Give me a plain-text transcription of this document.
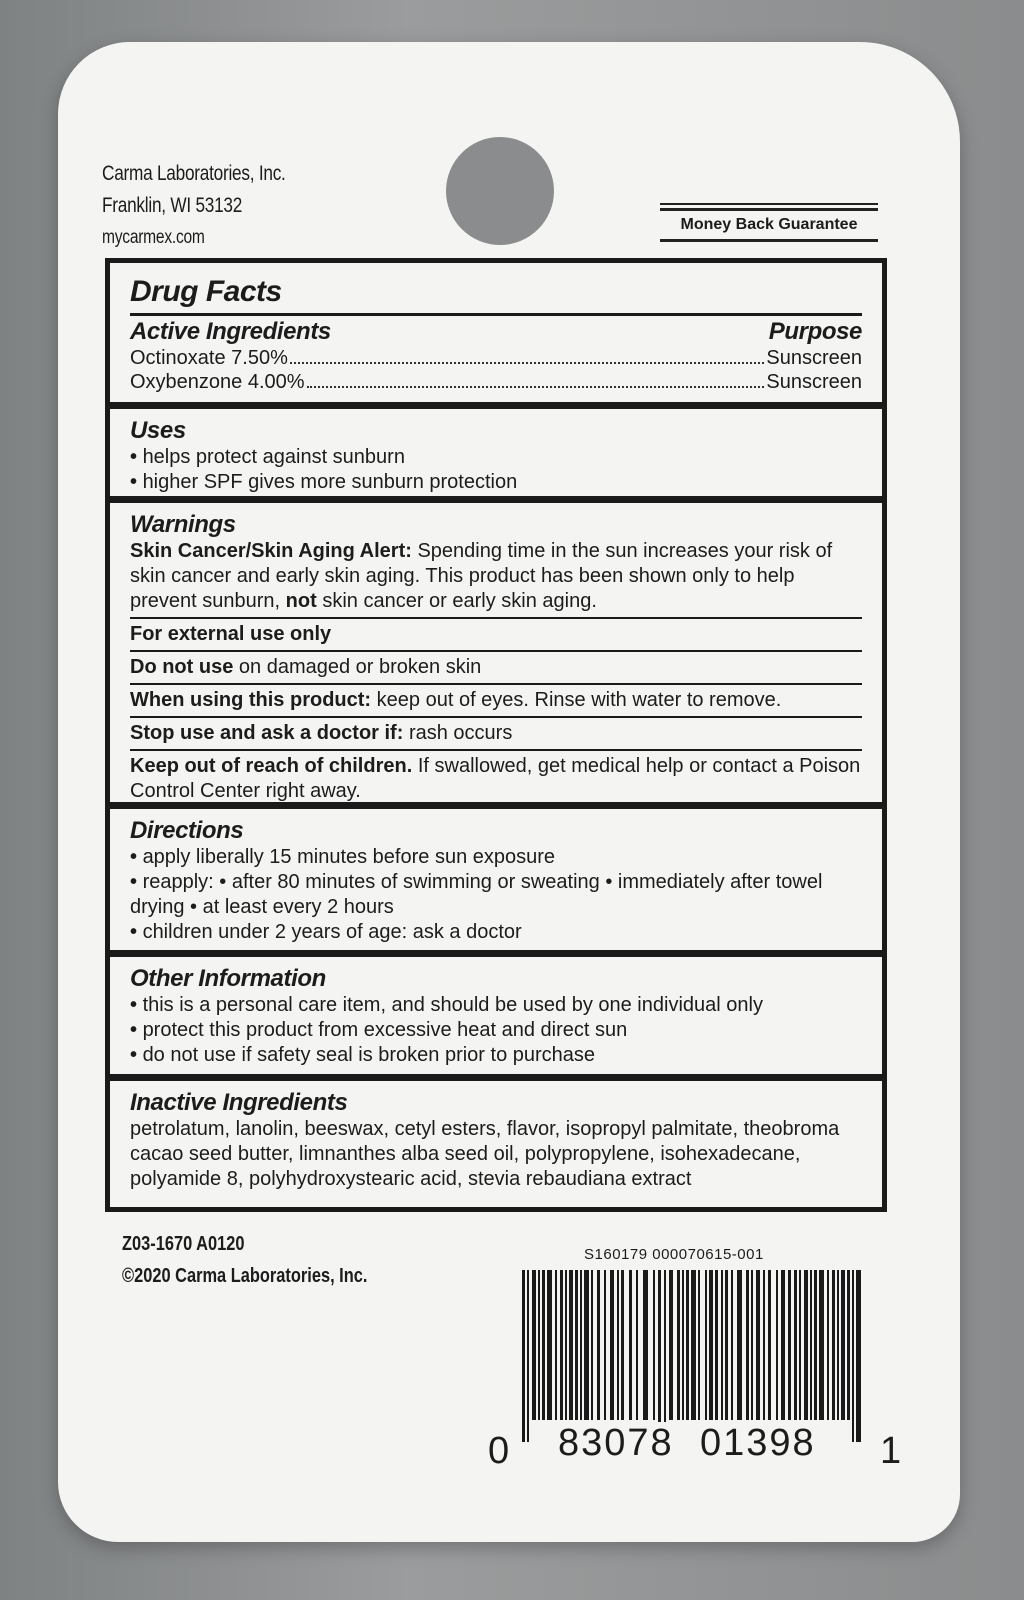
Carma Laboratories, Inc.
Franklin, WI 53132
mycarmex.com
Money Back Guarantee
Drug Facts
Active Ingredients	Purpose
Octinoxate 7.50%	Sunscreen
Oxybenzone 4.00%	Sunscreen
Uses
• helps protect against sunburn
• higher SPF gives more sunburn protection
Warnings
Skin Cancer/Skin Aging Alert: Spending time in the sun increases your risk of skin cancer and early skin aging. This product has been shown only to help prevent sunburn, not skin cancer or early skin aging.
For external use only
Do not use on damaged or broken skin
When using this product: keep out of eyes. Rinse with water to remove.
Stop use and ask a doctor if: rash occurs
Keep out of reach of children. If swallowed, get medical help or contact a Poison Control Center right away.
Directions
• apply liberally 15 minutes before sun exposure
• reapply: • after 80 minutes of swimming or sweating • immediately after towel drying • at least every 2 hours
• children under 2 years of age: ask a doctor
Other Information
• this is a personal care item, and should be used by one individual only
• protect this product from excessive heat and direct sun
• do not use if safety seal is broken prior to purchase
Inactive Ingredients
petrolatum, lanolin, beeswax, cetyl esters, flavor, isopropyl palmitate, theobroma cacao seed butter, limnanthes alba seed oil, polypropylene, isohexadecane, polyamide 8, polyhydroxystearic acid, stevia rebaudiana extract
Z03-1670 A0120
©2020 Carma Laboratories, Inc.
S160179 000070615-001
0 83078 01398 1
